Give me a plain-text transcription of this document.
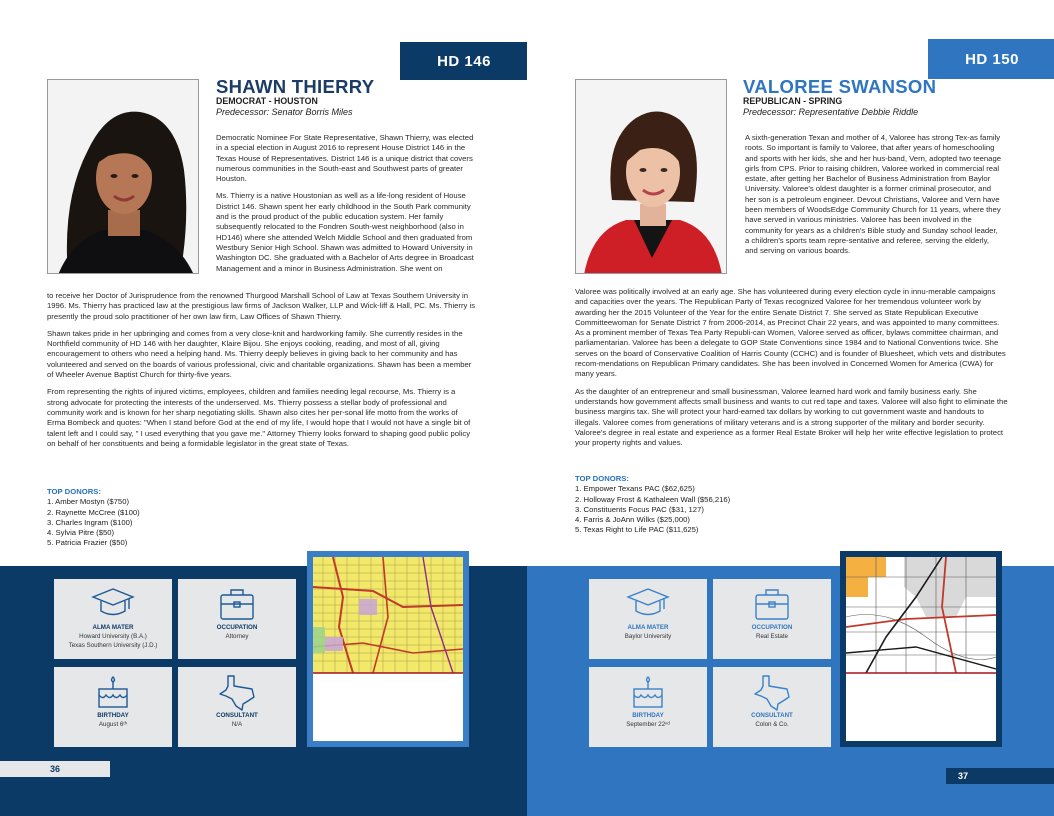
HD 146
SHAWN THIERRY
DEMOCRAT - HOUSTON
Predecessor: Senator Borris Miles

Democratic Nominee For State Representative, Shawn Thierry, was elected in a special election in August 2016 to represent House District 146 in the Texas House of Representatives. District 146 is a unique district that covers numerous communities in the South-east and Southwest parts of greater Houston.

Ms. Thierry is a native Houstonian as well as a life-long resident of House District 146. Shawn spent her early childhood in the South Park community and is the proud product of the public education system. Her family subsequently relocated to the Fondren South-west neighborhood (also in HD146) where she attended Welch Middle School and then graduated from Westbury Senior High School. Shawn was admitted to Howard University in Washington DC. She graduated with a Bachelor of Arts degree in Broadcast Management and a minor in Business Administration. She went on

to receive her Doctor of Jurisprudence from the renowned Thurgood Marshall School of Law at Texas Southern University in 1996. Ms. Thierry has practiced law at the prestigious law firms of Jackson Walker, LLP and Wick-liff & Hall, PC. Ms. Thierry is presently the proud solo practitioner of her own law firm, Law Offices of Shawn Thierry.

Shawn takes pride in her upbringing and comes from a very close-knit and hardworking family. She currently resides in the Northfield community of HD 146 with her daughter, Klaire Bijou. She enjoys cooking, reading, and most of all, giving encouragement to others who need a helping hand. Ms. Thierry deeply believes in giving back to her community and has volunteered and served on the boards of various professional, civic and charitable organizations. Shawn has been a member of Wheeler Avenue Baptist Church for thirty-five years.

From representing the rights of injured victims, employees, children and families needing legal recourse, Ms. Thierry is a strong advocate for protecting the interests of the underserved. Ms. Thierry possess a stellar body of professional and community work and is known for her sharp negotiating skills. Shawn also cites her per-sonal life motto from the works of Erma Bombeck and quotes: "When I stand before God at the end of my life, I would hope that I would not have a single bit of talent left and I could say, " I used everything that you gave me." Attorney Thierry looks forward to shaping good public policy on behalf of her constituents and being a formidable legislator in the great state of Texas.

TOP DONORS:
1. Amber Mostyn ($750)
2. Raynette McCree ($100)
3. Charles Ingram ($100)
4. Sylvia Pitre ($50)
5. Patricia Frazier ($50)
ALMA MATER
Howard University (B.A.)
Texas Southern University (J.D.)
OCCUPATION
Attorney
BIRTHDAY
August 6ᵗʰ
CONSULTANT
N/A
36
HD 150
VALOREE SWANSON
REPUBLICAN - SPRING
Predecessor: Representative Debbie Riddle

A sixth-generation Texan and mother of 4, Valoree has strong Tex-as family roots. So important is family to Valoree, that after years of homeschooling and sports with her kids, she and her hus-band, Vern, adopted two teenage girls from CPS. Prior to raising children, Valoree worked in commercial real estate, after getting her Bachelor of Business Administration from Baylor University. Valoree's oldest daughter is a former criminal prosecutor, and her son is a petroleum engineer. Devout Christians, Valoree and Vern have been members of WoodsEdge Community Church for 11 years, where they have served in various ministries. Valoree has been involved in the community for years as a children's Bible study and Sunday school leader, a children's sports team repre-sentative and referee, serving the elderly, and serving on various boards.

Valoree was politically involved at an early age. She has volunteered during every election cycle in innu-merable campaigns and capacities over the years. The Republican Party of Texas recognized Valoree for her tremendous volunteer work by awarding her the 2015 Volunteer of the Year for the entire Senate District 7. She served as State Republican Executive Committeewoman for Senate District 7 from 2006-2014, as Precinct Chair 22 years, and was appointed to many committees. As a prominent member of Texas Tea Party Republi-can Women, Valoree served as officer, bylaws committee chairman, and parliamentarian. Valoree has been a delegate to GOP State Conventions since 1984 and to National Conventions twice. She serves on the board of Conservative Coalition of Harris County (CCHC) and is founder of Bluesheet, which vets and distributes recom-mendations on Republican Primary candidates. She has been involved in Concerned Women for America (CWA) for many years.

As the daughter of an entrepreneur and small businessman, Valoree learned hard work and family business early. She understands how government affects small business and wants to cut red tape and taxes. Valoree will also fight to eliminate the business margins tax. She will protect your hard-earned tax dollars by working to cut government waste and handouts to illegals. Valoree comes from generations of military veterans and is a strong supporter of the military and border security. Valoree's degree in real estate and experience as a former Real Estate Broker will help her write effective legislation to protect your property rights and values.

TOP DONORS:
1. Empower Texans PAC ($62,625)
2. Holloway Frost & Kathaleen Wall ($56,216)
3. Constituents Focus PAC ($31, 127)
4. Farris & JoAnn Wilks ($25,000)
5. Texas Right to Life PAC ($11,625)
ALMA MATER
Baylor University
OCCUPATION
Real Estate
BIRTHDAY
September 22ⁿᵈ
CONSULTANT
Colon & Co.
37
